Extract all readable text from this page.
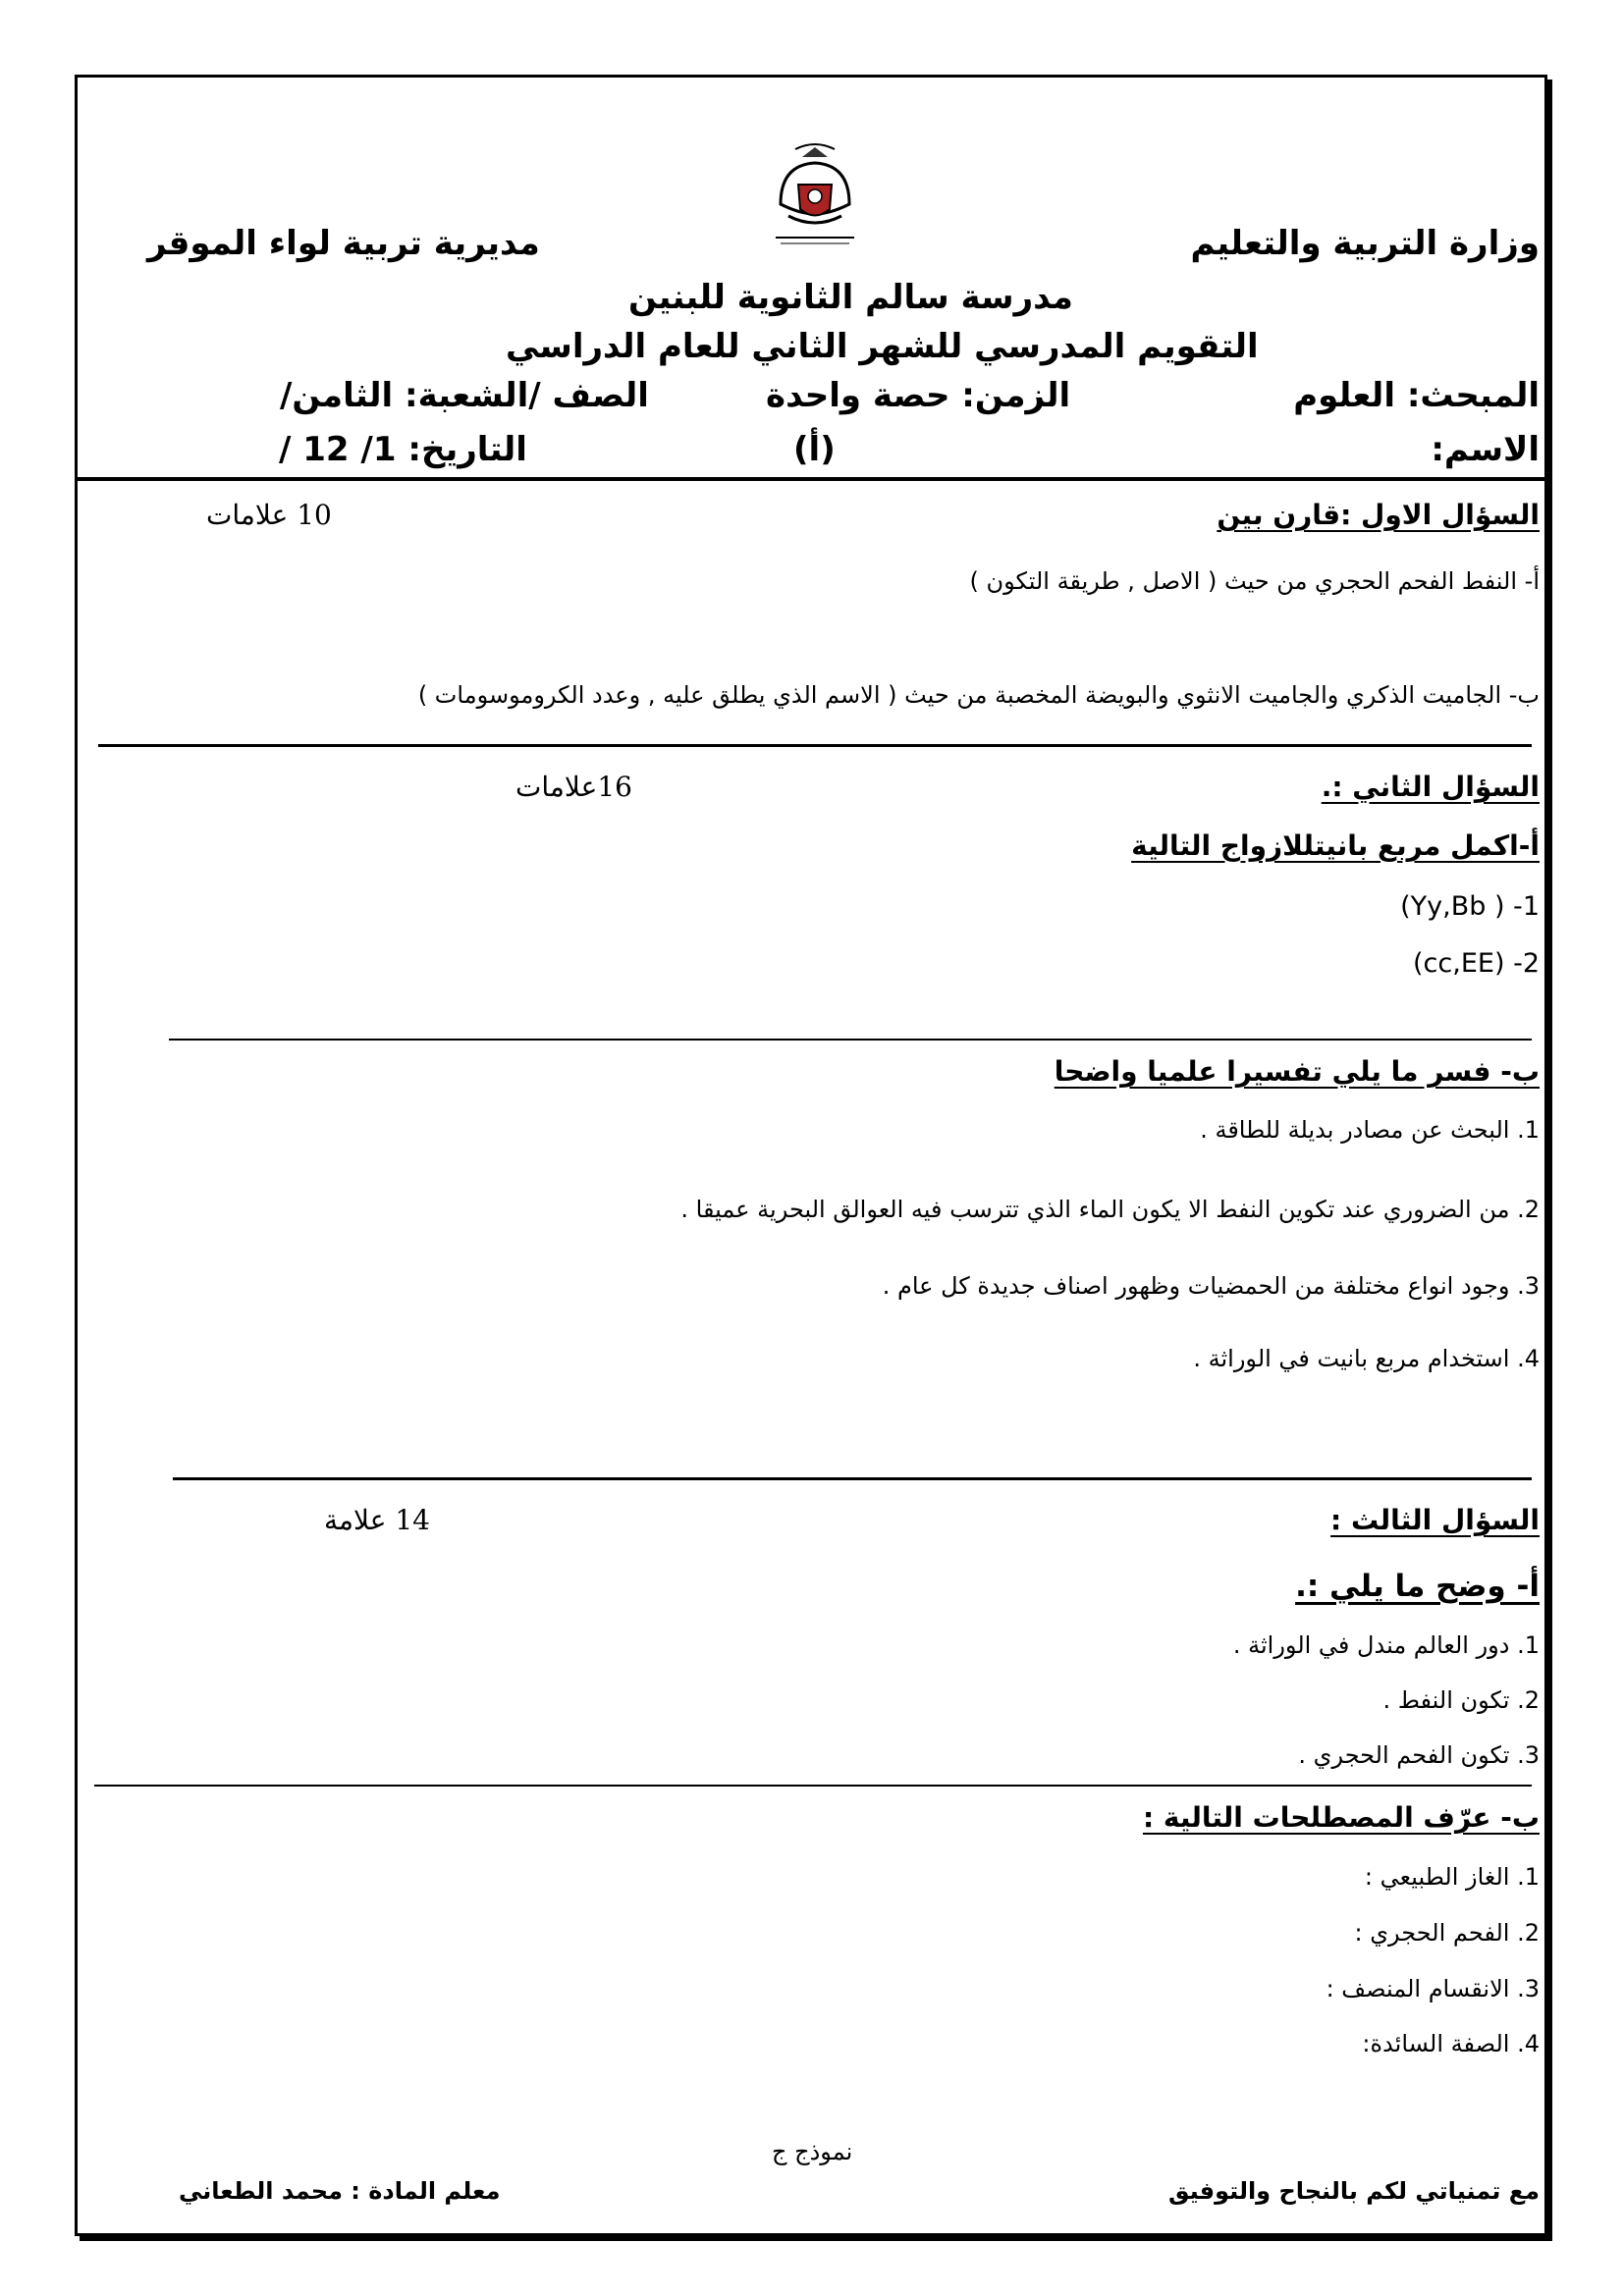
وزارة التربية والتعليم
مديرية تربية لواء الموقر
مدرسة سالم الثانوية للبنين
التقويم المدرسي للشهر الثاني للعام الدراسي
المبحث: العلوم
الزمن: حصة واحدة
الصف /الشعبة: الثامن/
الاسم:
(أ)
التاريخ: 1/ 12 /
السؤال الاول :قارن بين
10 علامات
أ- النفط الفحم الحجري من حيث ( الاصل , طريقة التكون )
ب- الجاميت الذكري والجاميت الانثوي والبويضة المخصبة من حيث ( الاسم الذي يطلق عليه , وعدد الكروموسومات )
السؤال الثاني :.
16علامات
أ-اكمل مربع بانيتللازواج التالية
1- ( Yy,Bb)
2- (cc,EE)
ب- فسر ما يلي تفسيرا علميا واضحا
1. البحث عن مصادر بديلة للطاقة .
2. من الضروري عند تكوين النفط الا يكون الماء الذي تترسب فيه العوالق البحرية عميقا .
3. وجود انواع مختلفة من الحمضيات وظهور اصناف جديدة كل عام .
4. استخدام مربع بانيت في الوراثة .
السؤال الثالث :
14 علامة
أ- وضح ما يلي :.
1. دور العالم مندل في الوراثة .
2. تكون النفط .
3. تكون الفحم الحجري .
ب- عرّف المصطلحات التالية :
1. الغاز الطبيعي :
2. الفحم الحجري :
3. الانقسام المنصف :
4. الصفة السائدة:
نموذج ج
مع تمنياتي لكم بالنجاح والتوفيق
معلم المادة : محمد الطعاني
